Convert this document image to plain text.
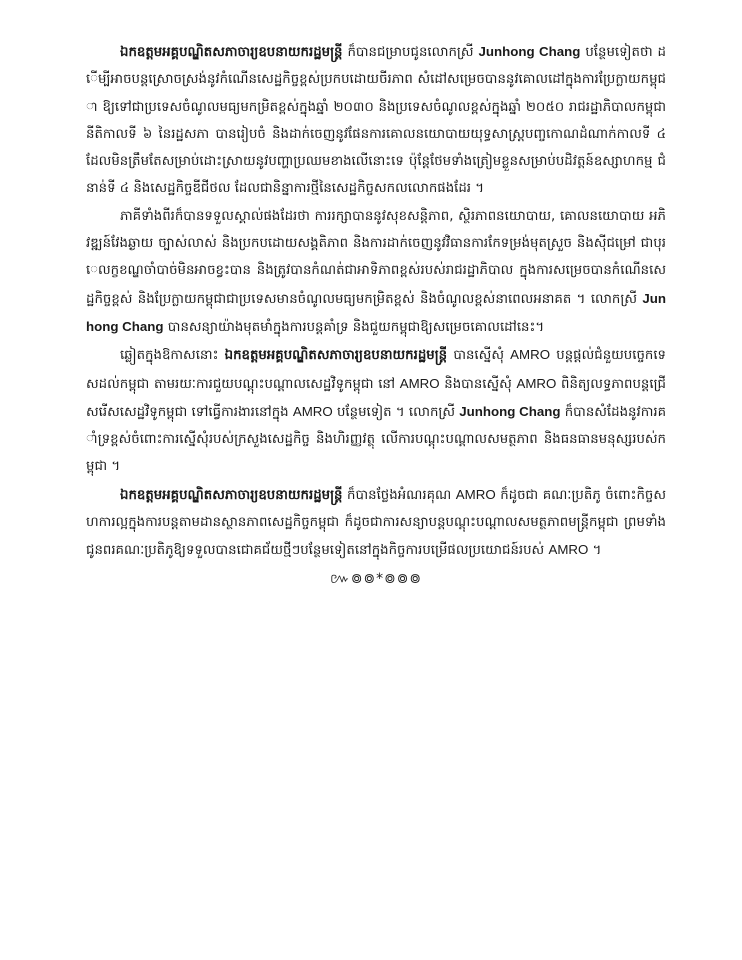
ឯកឧត្តមអគ្គបណ្ឌិតសភាចារ្យឧបនាយករដ្ឋមន្ត្រី ក៏បានជម្រាបជូនលោកស្រី Junhong Chang បន្ថែមទៀតថា ដើម្បីអាចបន្តស្រោចស្រង់នូវកំណើនសេដ្ឋកិច្ចខ្ពស់ប្រកបដោយចីរភាព សំដៅសម្រេចបាននូវគោលដៅក្នុងការប្រែក្លាយកម្ពុជា ឱ្យទៅជាប្រទេសចំណូលមធ្យមកម្រិតខ្ពស់ក្នុងឆ្នាំ ២០៣០ និងប្រទេសចំណូលខ្ពស់ក្នុងឆ្នាំ ២០៥០ រាជរដ្ឋាភិបាលកម្ពុជា នីតិកាលទី ៦ នៃរដ្ឋសភា បានរៀបចំ និងដាក់ចេញនូវផែនការគោលនយោបាយយុទ្ធសាស្ត្របញ្ចកោណដំណាក់កាលទី ៤ ដែលមិនត្រឹមតែសម្រាប់ដោះស្រាយនូវបញ្ហាប្រឈមខាងលើនោះទេ ប៉ុន្តែថែមទាំងត្រៀមខ្លួនសម្រាប់បដិវត្តន៍ឧស្សាហកម្ម ជំនាន់ទី ៤ និងសេដ្ឋកិច្ចឌីជីថល ដែលជានិន្នាការថ្មីនៃសេដ្ឋកិច្ចសកលលោកផងដែរ ។

ភាគីទាំងពីរក៏បានទទួលស្គាល់ផងដែរថា ការរក្សាបាននូវសុខសន្តិភាព, ស្ថិរភាពនយោបាយ, គោលនយោបាយ អភិវឌ្ឍន៍វែងឆ្ងាយ ច្បាស់លាស់ និងប្រកបដោយសង្គតិភាព និងការដាក់ចេញនូវវិធានការកែទម្រង់មុតស្រួច និងស៊ីជម្រៅ ជាបុរេលក្ខខណ្ឌចាំបាច់មិនអាចខ្វះបាន និងត្រូវបានកំណត់ជាអាទិភាពខ្ពស់របស់រាជរដ្ឋាភិបាល ក្នុងការសម្រេចបានកំណើនសេដ្ឋកិច្ចខ្ពស់ និងប្រែក្លាយកម្ពុជាជាប្រទេសមានចំណូលមធ្យមកម្រិតខ្ពស់ និងចំណូលខ្ពស់នាពេលអនាគត ។ លោកស្រី Junhong Chang បានសន្យាយ៉ាងមុតមាំក្នុងការបន្តគាំទ្រ និងជួយកម្ពុជាឱ្យសម្រេចគោលដៅនេះ។

ឆ្លៀតក្នុងឱកាសនោះ ឯកឧត្តមអគ្គបណ្ឌិតសភាចារ្យឧបនាយករដ្ឋមន្ត្រី បានស្នើសុំ AMRO បន្តផ្តល់ជំនួយបច្ចេកទេសដល់កម្ពុជា តាមរយៈការជួយបណ្តុះបណ្តាលសេដ្ឋវិទូកម្ពុជា នៅ AMRO និងបានស្នើសុំ AMRO ពិនិត្យលទ្ធភាពបន្តជ្រើសរើសសេដ្ឋវិទូកម្ពុជា ទៅធ្វើការងារនៅក្នុង AMRO បន្ថែមទៀត ។ លោកស្រី Junhong Chang ក៏បានសំដែងនូវការគាំទ្រខ្ពស់ចំពោះការស្នើសុំរបស់ក្រសួងសេដ្ឋកិច្ច និងហិរញ្ញវត្ថុ លើការបណ្តុះបណ្តាលសមត្ថភាព និងធនធានមនុស្សរបស់កម្ពុជា ។

ឯកឧត្តមអគ្គបណ្ឌិតសភាចារ្យឧបនាយករដ្ឋមន្ត្រី ក៏បានថ្លែងអំណរគុណ AMRO ក៏ដូចជា គណៈប្រតិភូ ចំពោះកិច្ចសហការល្អក្នុងការបន្តតាមដានស្ថានភាពសេដ្ឋកិច្ចកម្ពុជា ក៏ដូចជាការសន្យាបន្តបណ្តុះបណ្តាលសមត្ថភាពមន្ត្រីកម្ពុជា ព្រមទាំងជូនពរគណៈប្រតិភូឱ្យទទួលបានជោគជ័យថ្មីៗបន្ថែមទៀតនៅក្នុងកិច្ចការបម្រើផលប្រយោជន៍របស់ AMRO ។

៚៙៙*៙៙៙
